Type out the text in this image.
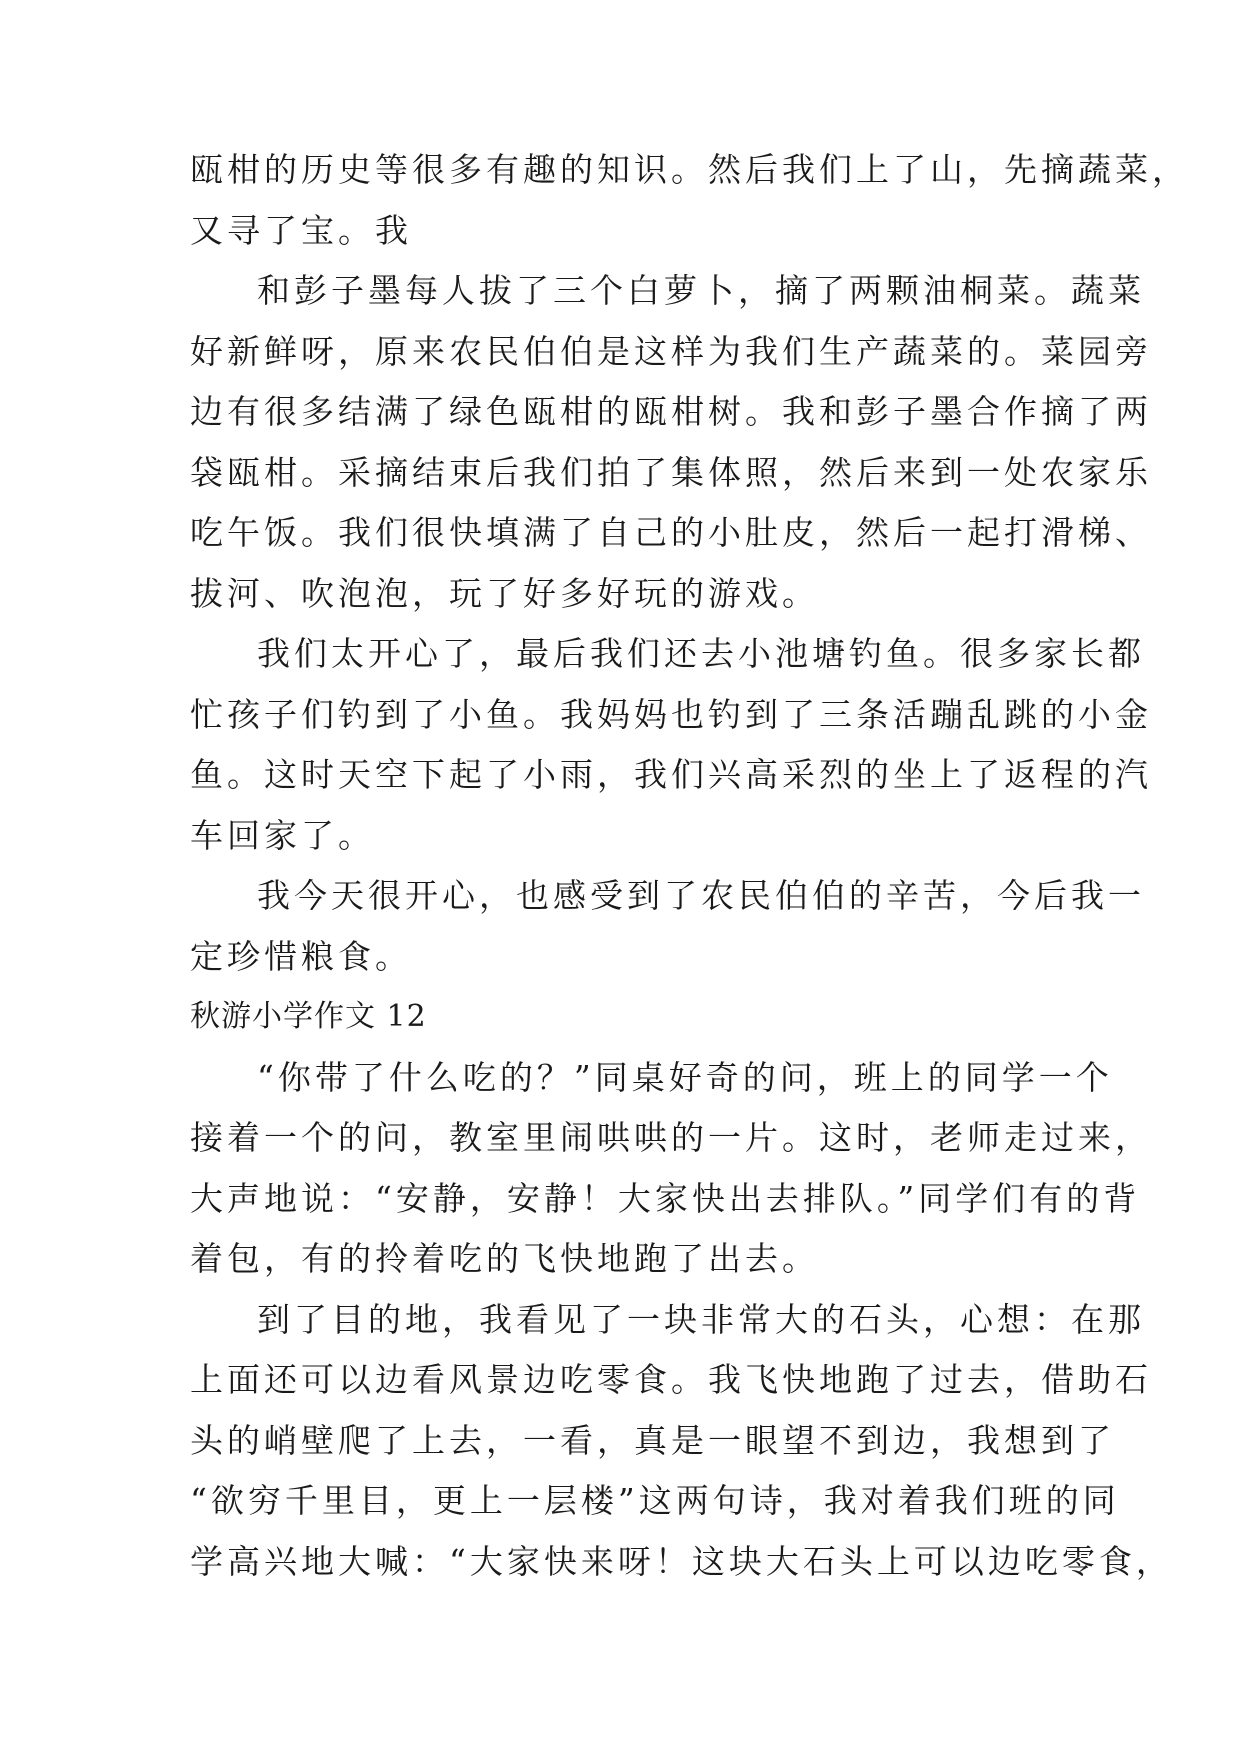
瓯柑的历史等很多有趣的知识。然后我们上了山，先摘蔬菜，
又寻了宝。我
和彭子墨每人拔了三个白萝卜，摘了两颗油桐菜。蔬菜
好新鲜呀，原来农民伯伯是这样为我们生产蔬菜的。菜园旁
边有很多结满了绿色瓯柑的瓯柑树。我和彭子墨合作摘了两
袋瓯柑。采摘结束后我们拍了集体照，然后来到一处农家乐
吃午饭。我们很快填满了自己的小肚皮，然后一起打滑梯、
拔河、吹泡泡，玩了好多好玩的游戏。
我们太开心了，最后我们还去小池塘钓鱼。很多家长都
忙孩子们钓到了小鱼。我妈妈也钓到了三条活蹦乱跳的小金
鱼。这时天空下起了小雨，我们兴高采烈的坐上了返程的汽
车回家了。
我今天很开心，也感受到了农民伯伯的辛苦，今后我一
定珍惜粮食。
秋游小学作文 12
“你带了什么吃的？”同桌好奇的问，班上的同学一个
接着一个的问，教室里闹哄哄的一片。这时，老师走过来，
大声地说：“安静，安静！大家快出去排队。”同学们有的背
着包，有的拎着吃的飞快地跑了出去。
到了目的地，我看见了一块非常大的石头，心想：在那
上面还可以边看风景边吃零食。我飞快地跑了过去，借助石
头的峭壁爬了上去，一看，真是一眼望不到边，我想到了
“欲穷千里目，更上一层楼”这两句诗，我对着我们班的同
学高兴地大喊：“大家快来呀！这块大石头上可以边吃零食，
